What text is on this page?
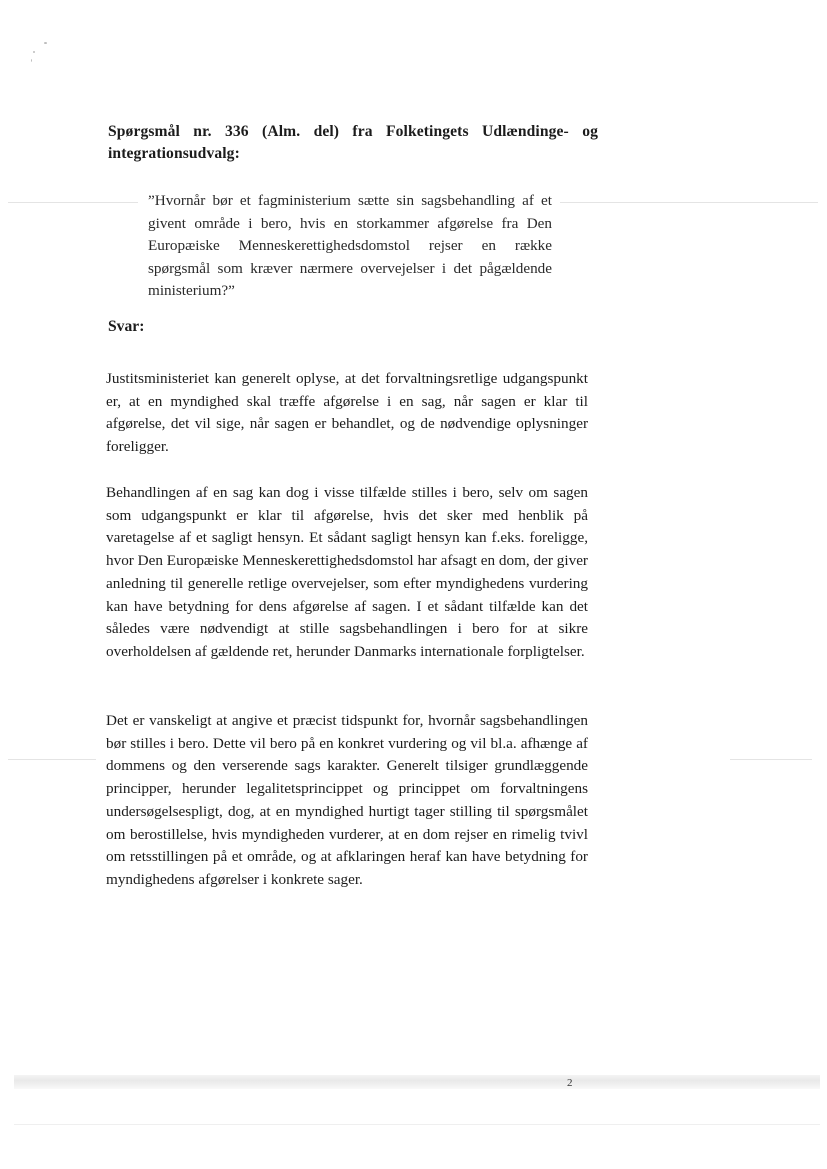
Spørgsmål nr. 336 (Alm. del) fra Folketingets Udlændinge- og integrationsudvalg:
”Hvornår bør et fagministerium sætte sin sagsbehandling af et givent område i bero, hvis en storkammer afgørelse fra Den Europæiske Menneskerettighedsdomstol rejser en række spørgsmål som kræver nærmere overvejelser i det pågældende ministerium?”
Svar:
Justitsministeriet kan generelt oplyse, at det forvaltningsretlige udgangspunkt er, at en myndighed skal træffe afgørelse i en sag, når sagen er klar til afgørelse, det vil sige, når sagen er behandlet, og de nødvendige oplysninger foreligger.
Behandlingen af en sag kan dog i visse tilfælde stilles i bero, selv om sagen som udgangspunkt er klar til afgørelse, hvis det sker med henblik på varetagelse af et sagligt hensyn. Et sådant sagligt hensyn kan f.eks. foreligge, hvor Den Europæiske Menneskerettighedsdomstol har afsagt en dom, der giver anledning til generelle retlige overvejelser, som efter myndighedens vurdering kan have betydning for dens afgørelse af sagen. I et sådant tilfælde kan det således være nødvendigt at stille sagsbehandlingen i bero for at sikre overholdelsen af gældende ret, herunder Danmarks internationale forpligtelser.
Det er vanskeligt at angive et præcist tidspunkt for, hvornår sagsbehandlingen bør stilles i bero. Dette vil bero på en konkret vurdering og vil bl.a. afhænge af dommens og den verserende sags karakter. Generelt tilsiger grundlæggende principper, herunder legalitetsprincippet og princippet om forvaltningens undersøgelsespligt, dog, at en myndighed hurtigt tager stilling til spørgsmålet om berostillelse, hvis myndigheden vurderer, at en dom rejser en rimelig tvivl om retsstillingen på et område, og at afklaringen heraf kan have betydning for myndighedens afgørelser i konkrete sager.
2
